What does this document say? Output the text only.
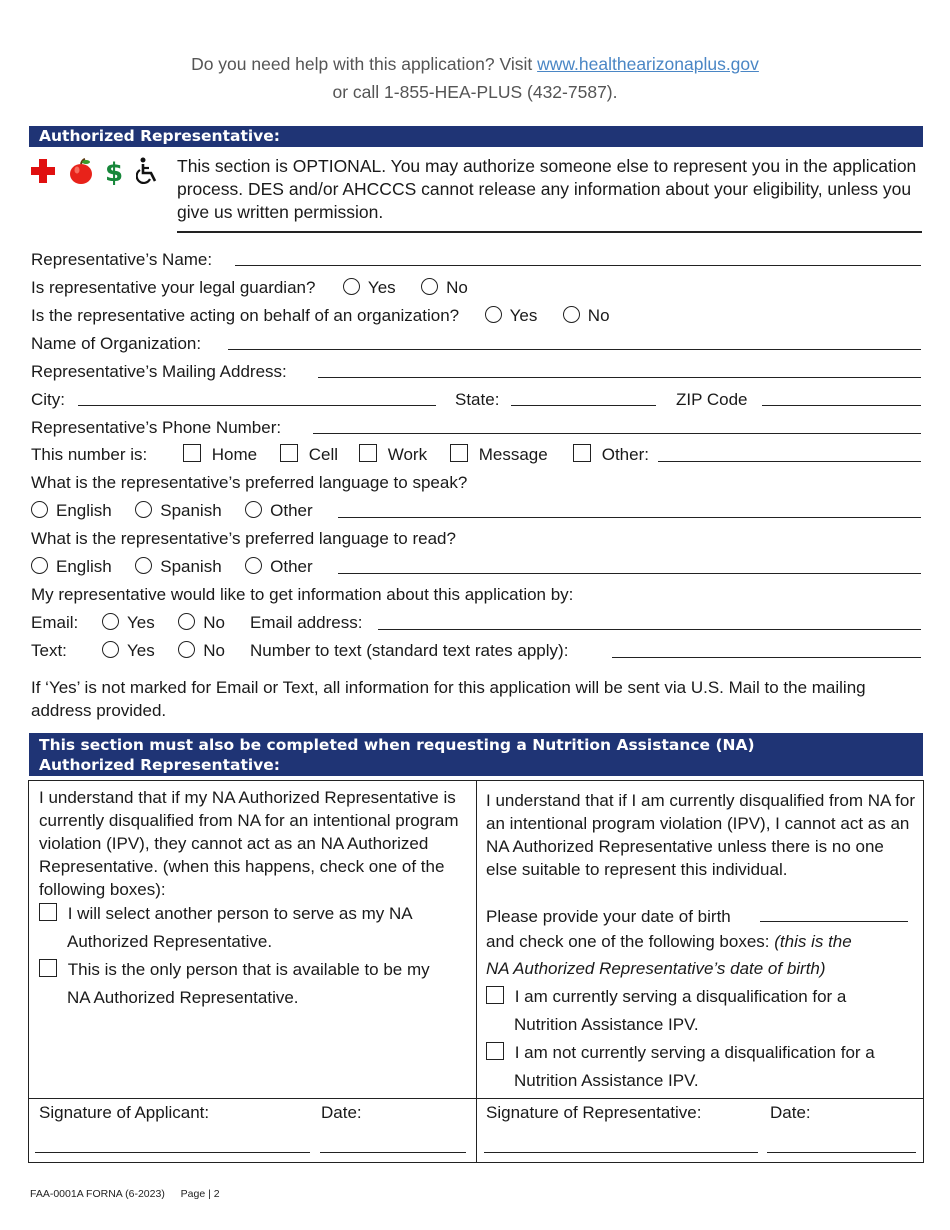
Do you need help with this application? Visit www.healthearizonaplus.gov
or call 1-855-HEA-PLUS (432-7587).
Authorized Representative:

$
	This section is OPTIONAL. You may authorize someone else to represent you in the application process. DES and/or AHCCCS cannot release any information about your eligibility, unless you give us written permission.
Representative’s Name:
Is representative your legal guardian?	Yes	No
Is the representative acting on behalf of an organization?	Yes	No
Name of Organization:
Representative’s Mailing Address:
City:	State:	ZIP Code
Representative’s Phone Number:
This number is:	Home	Cell	Work	Message	Other:
What is the representative’s preferred language to speak?
English	Spanish	Other
What is the representative’s preferred language to read?
English	Spanish	Other
My representative would like to get information about this application by:
Email:	Yes	No Email address:
Text:	Yes	No Number to text (standard text rates apply):
If ‘Yes’ is not marked for Email or Text, all information for this application will be sent via U.S. Mail to the mailing address provided.
This section must also be completed when requesting a Nutrition Assistance (NA)
Authorized Representative:
I understand that if my NA Authorized Representative is currently disqualified from NA for an intentional program violation (IPV), they cannot act as an NA Authorized Representative. (when this happens, check one of the following boxes):
I will select another person to serve as my NA
Authorized Representative.
This is the only person that is available to be my
NA Authorized Representative.
I understand that if I am currently disqualified from NA for an intentional program violation (IPV), I cannot act as an NA Authorized Representative unless there is no one else suitable to represent this individual.
Please provide your date of birth
and check one of the following boxes: (this is the
NA Authorized Representative’s date of birth)
I am currently serving a disqualification for a
Nutrition Assistance IPV.
I am not currently serving a disqualification for a
Nutrition Assistance IPV.
Signature of Applicant:	Date:	Signature of Representative:	Date:
FAA-0001A FORNA (6-2023) Page | 2
